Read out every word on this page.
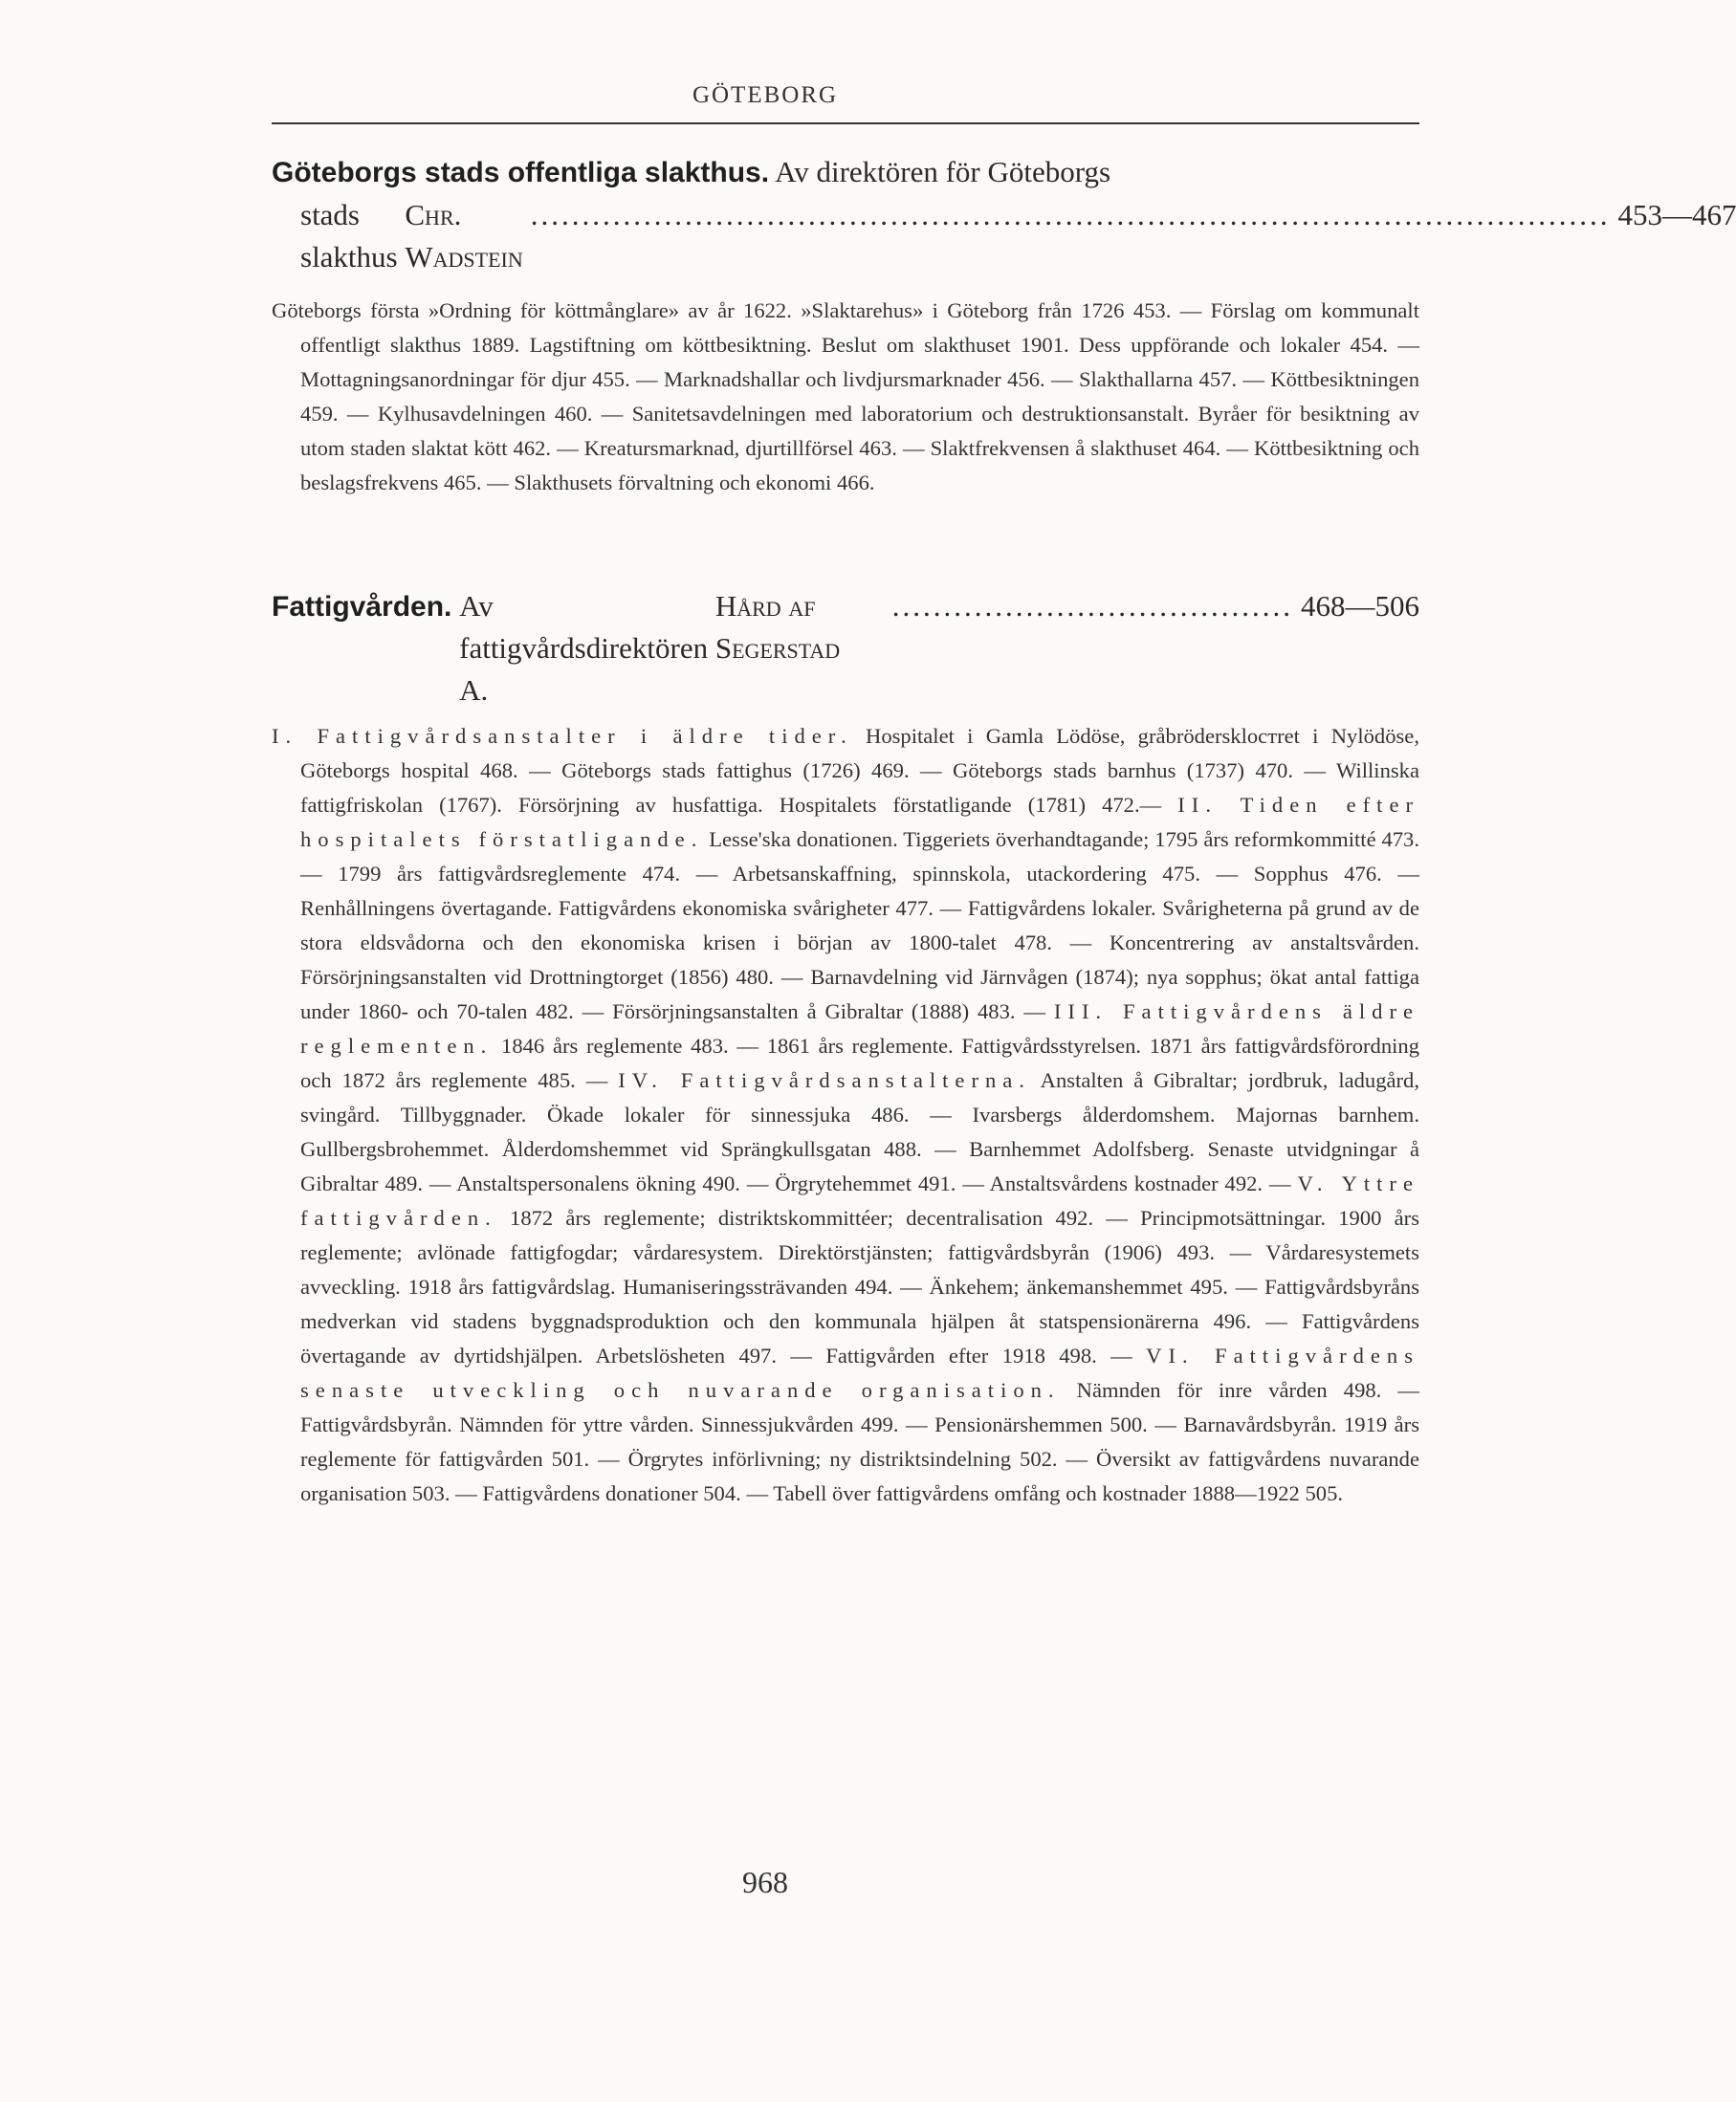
GÖTEBORG
Göteborgs stads offentliga slakthus. Av direktören för Göteborgs
stads slakthus

Chr. Wadstein
......................................................................................................... 453—467
Göteborgs första »Ordning för köttmånglare» av år 1622. »Slaktarehus» i Göteborg från 1726 453. — Förslag om kommunalt offentligt slakthus 1889. Lagstiftning om köttbesiktning. Beslut om slakthuset 1901. Dess uppförande och lokaler 454. — Mottagningsanordningar för djur 455. — Marknadshallar och livdjursmarknader 456. — Slakthallarna 457. — Köttbesiktningen 459. — Kylhusavdelningen 460. — Sanitetsavdelningen med laboratorium och destruktionsanstalt. Byråer för besiktning av utom staden slaktat kött 462. — Kreatursmarknad, djurtillförsel 463. — Slaktfrekvensen å slakthuset 464. — Köttbesiktning och beslagsfrekvens 465. — Slakthusets förvaltning och ekonomi 466.
Fattigvården.
Av fattigvårdsdirektören A.

Hård af Segerstad
....................................... 468—506
I. Fattigvårdsanstalter i äldre tider. Hospitalet i Gamla Lödöse, gråbröderskloстret i Nylödöse, Göteborgs hospital 468. — Göteborgs stads fattighus (1726) 469. — Göteborgs stads barnhus (1737) 470. — Willinska fattigfriskolan (1767). Försörjning av husfattiga. Hospitalets förstatligande (1781) 472.— II. Tiden efter hospitalets förstatligande. Lesse'ska donationen. Tiggeriets överhandtagande; 1795 års reformkommitté 473. — 1799 års fattigvårdsreglemente 474. — Arbetsanskaffning, spinnskola, utackordering 475. — Sopphus 476. — Renhållningens övertagande. Fattigvårdens ekonomiska svårigheter 477. — Fattigvårdens lokaler. Svårigheterna på grund av de stora eldsvådorna och den ekonomiska krisen i början av 1800-talet 478. — Koncentrering av anstaltsvården. Försörjningsanstalten vid Drottningtorget (1856) 480. — Barnavdelning vid Järnvågen (1874); nya sopphus; ökat antal fattiga under 1860- och 70-talen 482. — Försörjningsanstalten å Gibraltar (1888) 483. — III. Fattigvårdens äldre reglementen. 1846 års reglemente 483. — 1861 års reglemente. Fattigvårdsstyrelsen. 1871 års fattigvårdsförordning och 1872 års reglemente 485. — IV. Fattigvårdsanstalterna. Anstalten å Gibraltar; jordbruk, ladugård, svingård. Tillbyggnader. Ökade lokaler för sinnessjuka 486. — Ivarsbergs ålderdomshem. Majornas barnhem. Gullbergsbrohemmet. Ålderdomshemmet vid Sprängkullsgatan 488. — Barnhemmet Adolfsberg. Senaste utvidgningar å Gibraltar 489. — Anstaltspersonalens ökning 490. — Örgrytehemmet 491. — Anstaltsvårdens kostnader 492. — V. Yttre fattigvården. 1872 års reglemente; distriktskommittéer; decentralisation 492. — Principmotsättningar. 1900 års reglemente; avlönade fattigfogdar; vårdaresystem. Direktörstjänsten; fattigvårdsbyrån (1906) 493. — Vårdaresystemets avveckling. 1918 års fattigvårdslag. Humaniseringssträvanden 494. — Änkehem; änkemanshemmet 495. — Fattigvårdsbyråns medverkan vid stadens byggnadsproduktion och den kommunala hjälpen åt statspensionärerna 496. — Fattigvårdens övertagande av dyrtidshjälpen. Arbetslösheten 497. — Fattigvården efter 1918 498. — VI. Fattigvårdens senaste utveckling och nuvarande organisation. Nämnden för inre vården 498. — Fattigvårdsbyrån. Nämnden för yttre vården. Sinnessjukvården 499. — Pensionärshemmen 500. — Barnavårdsbyrån. 1919 års reglemente för fattigvården 501. — Örgrytes införlivning; ny distriktsindelning 502. — Översikt av fattigvårdens nuvarande organisation 503. — Fattigvårdens donationer 504. — Tabell över fattigvårdens omfång och kostnader 1888—1922 505.
968
